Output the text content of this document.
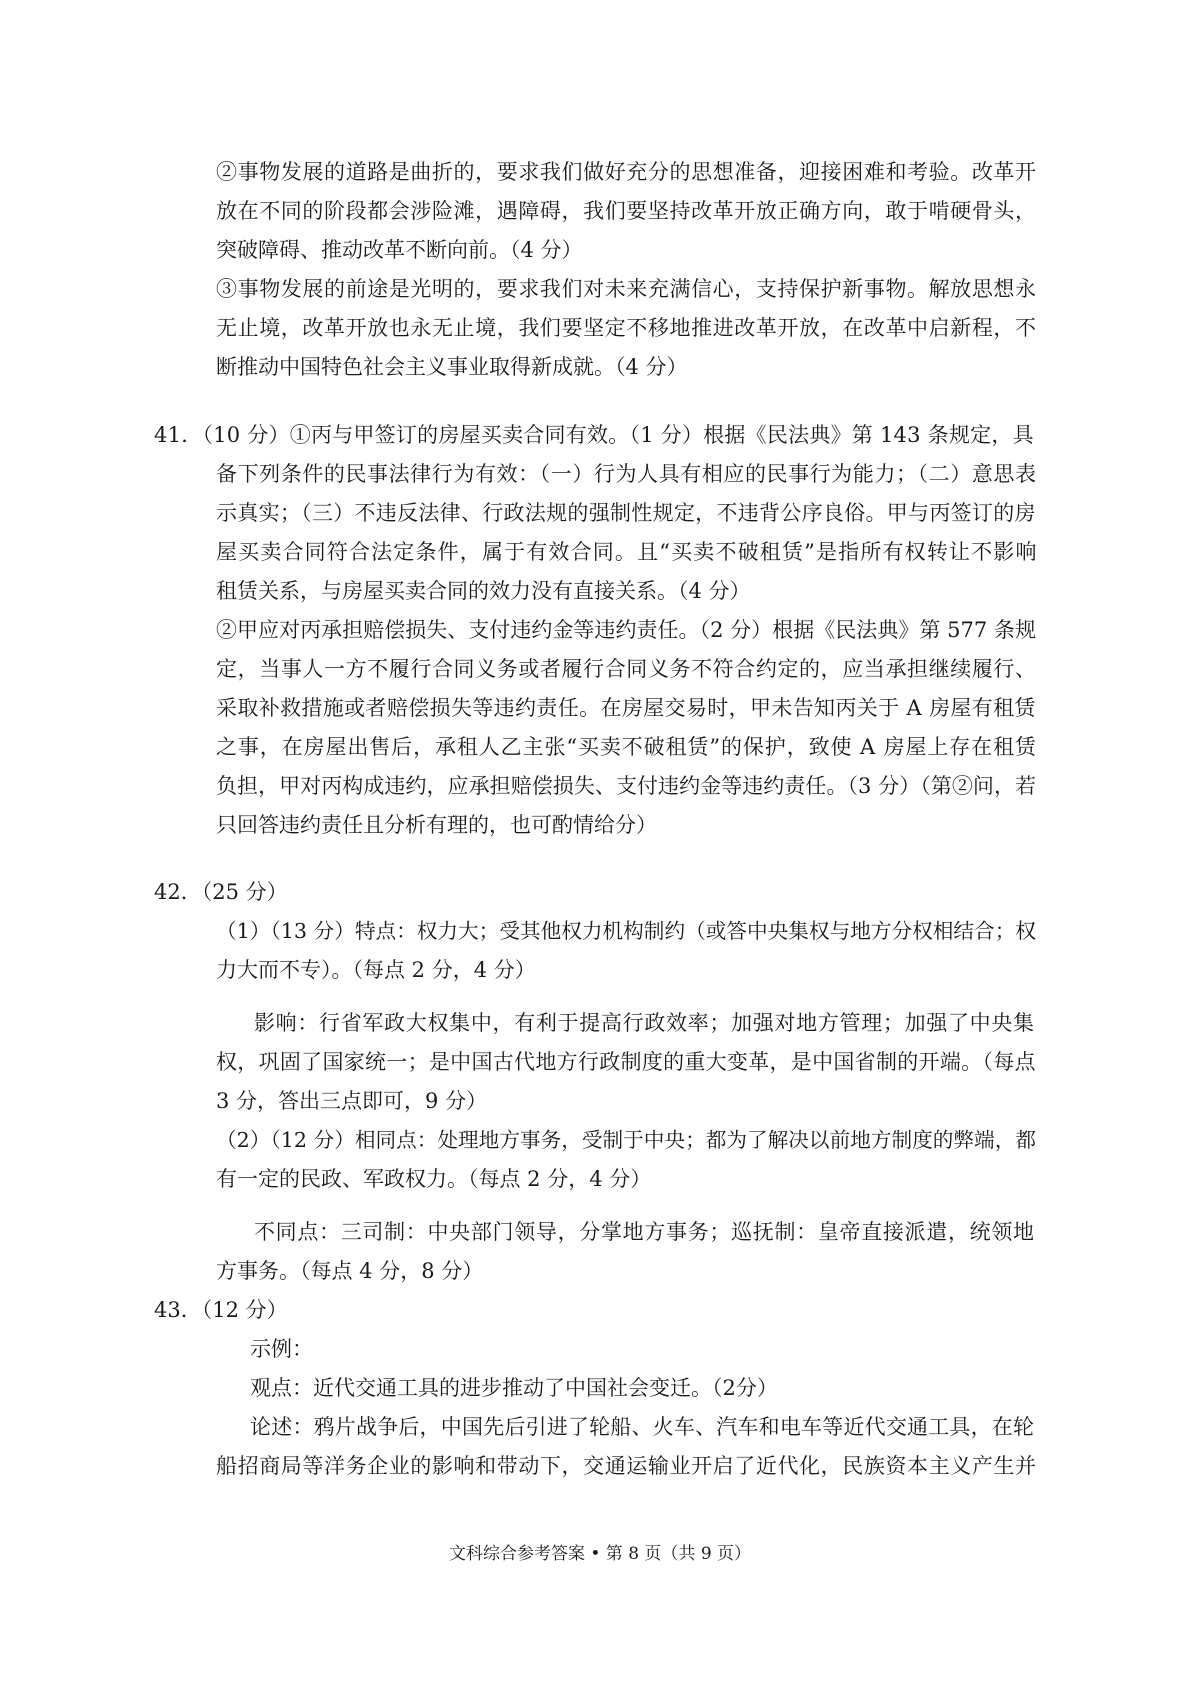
②事物发展的道路是曲折的，要求我们做好充分的思想准备，迎接困难和考验。改革开
放在不同的阶段都会涉险滩，遇障碍，我们要坚持改革开放正确方向，敢于啃硬骨头，
突破障碍、推动改革不断向前。（4 分）
③事物发展的前途是光明的，要求我们对未来充满信心，支持保护新事物。解放思想永
无止境，改革开放也永无止境，我们要坚定不移地推进改革开放，在改革中启新程，不
断推动中国特色社会主义事业取得新成就。（4 分）
41．（10 分）①丙与甲签订的房屋买卖合同有效。（1 分）根据《民法典》第 143 条规定，具
备下列条件的民事法律行为有效：（一）行为人具有相应的民事行为能力；（二）意思表
示真实；（三）不违反法律、行政法规的强制性规定，不违背公序良俗。甲与丙签订的房
屋买卖合同符合法定条件，属于有效合同。且“买卖不破租赁”是指所有权转让不影响
租赁关系，与房屋买卖合同的效力没有直接关系。（4 分）
②甲应对丙承担赔偿损失、支付违约金等违约责任。（2 分）根据《民法典》第 577 条规
定，当事人一方不履行合同义务或者履行合同义务不符合约定的，应当承担继续履行、
采取补救措施或者赔偿损失等违约责任。在房屋交易时，甲未告知丙关于 A 房屋有租赁
之事，在房屋出售后，承租人乙主张“买卖不破租赁”的保护，致使 A 房屋上存在租赁
负担，甲对丙构成违约，应承担赔偿损失、支付违约金等违约责任。（3 分）（第②问，若
只回答违约责任且分析有理的，也可酌情给分）
42．（25 分）
（1）（13 分）特点：权力大；受其他权力机构制约（或答中央集权与地方分权相结合；权
力大而不专）。（每点 2 分，4 分）
影响：行省军政大权集中，有利于提高行政效率；加强对地方管理；加强了中央集
权，巩固了国家统一；是中国古代地方行政制度的重大变革，是中国省制的开端。（每点
3 分，答出三点即可，9 分）
（2）（12 分）相同点：处理地方事务，受制于中央；都为了解决以前地方制度的弊端，都
有一定的民政、军政权力。（每点 2 分，4 分）
不同点：三司制：中央部门领导，分掌地方事务；巡抚制：皇帝直接派遣，统领地
方事务。（每点 4 分，8 分）
43．（12 分）
示例：
观点：近代交通工具的进步推动了中国社会变迁。（2分）
论述：鸦片战争后，中国先后引进了轮船、火车、汽车和电车等近代交通工具，在轮
船招商局等洋务企业的影响和带动下，交通运输业开启了近代化，民族资本主义产生并
文科综合参考答案 • 第 8 页（共 9 页）
